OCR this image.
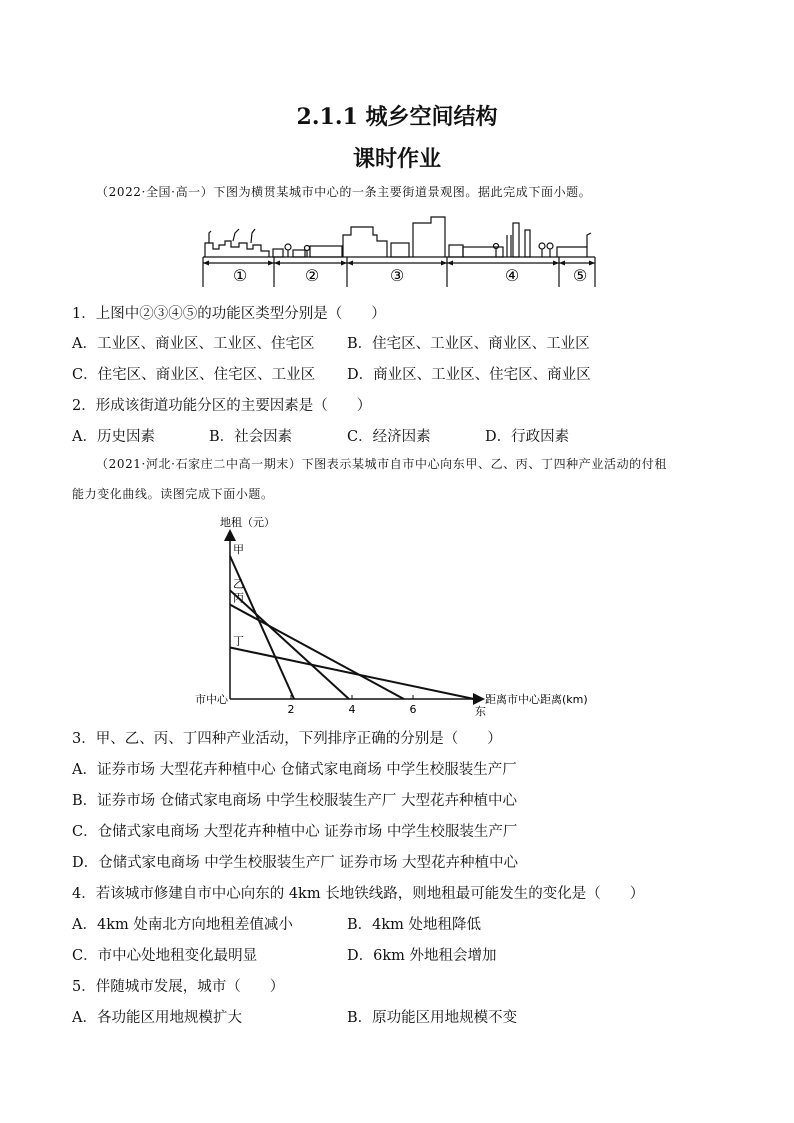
2.1.1 城乡空间结构
课时作业
（2022·全国·高一）下图为横贯某城市中心的一条主要街道景观图。据此完成下面小题。
①	②	③	④	⑤
1．上图中②③④⑤的功能区类型分别是（　　）
A．工业区、商业区、工业区、住宅区 B．住宅区、工业区、商业区、工业区
C．住宅区、商业区、住宅区、工业区 D．商业区、工业区、住宅区、商业区
2．形成该街道功能分区的主要因素是（　　）
A．历史因素	B．社会因素	C．经济因素	D．行政因素
（2021·河北·石家庄二中高一期末）下图表示某城市自市中心向东甲、乙、丙、丁四种产业活动的付租
能力变化曲线。读图完成下面小题。
地租（元）
距离市中心距离(km)
市中心
东
甲
乙
丙
丁
2	4	6
3．甲、乙、丙、丁四种产业活动，下列排序正确的分别是（　　）
A．证券市场 大型花卉种植中心 仓储式家电商场 中学生校服装生产厂
B．证券市场 仓储式家电商场 中学生校服装生产厂 大型花卉种植中心
C．仓储式家电商场 大型花卉种植中心 证券市场 中学生校服装生产厂
D．仓储式家电商场 中学生校服装生产厂 证券市场 大型花卉种植中心
4．若该城市修建自市中心向东的 4km 长地铁线路，则地租最可能发生的变化是（　　）
A．4km 处南北方向地租差值减小	B．4km 处地租降低
C．市中心处地租变化最明显	D．6km 外地租会增加
5．伴随城市发展，城市（　　）
A．各功能区用地规模扩大	B．原功能区用地规模不变
